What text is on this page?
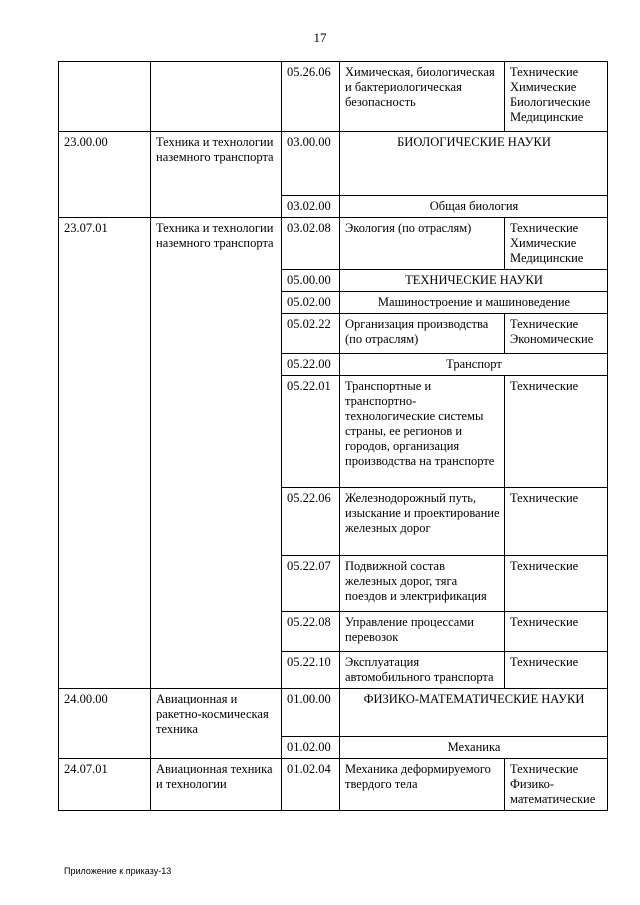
17
		05.26.06	Химическая, биологическая и бактериологическая безопасность	Технические
Химические
Биологические
Медицинские

23.00.00	Техника и технологии наземного транспорта	03.00.00	БИОЛОГИЧЕСКИЕ НАУКИ	
		03.02.00	Общая биология	
23.07.01	Техника и технологии наземного транспорта	03.02.08	Экология (по отраслям)	Технические
Химические
Медицинские

		05.00.00	ТЕХНИЧЕСКИЕ НАУКИ	
		05.02.00	Машиностроение и машиноведение	
		05.02.22	Организация производства (по отраслям)	Технические
Экономические

		05.22.00	Транспорт	
		05.22.01	Транспортные и транспортно-технологические системы страны, ее регионов и городов, организация производства на транспорте	Технические
		05.22.06	Железнодорожный путь, изыскание и проектирование железных дорог	Технические
		05.22.07	Подвижной состав железных дорог, тяга поездов и электрификация	Технические
		05.22.08	Управление процессами перевозок	Технические
		05.22.10	Эксплуатация автомобильного транспорта	Технические
24.00.00	Авиационная и ракетно-космическая техника	01.00.00	ФИЗИКО-МАТЕМАТИЧЕСКИЕ НАУКИ	
		01.02.00	Механика	
24.07.01	Авиационная техника и технологии	01.02.04	Механика деформируемого твердого тела	Технические
Физико-математические
Приложение к приказу-13
